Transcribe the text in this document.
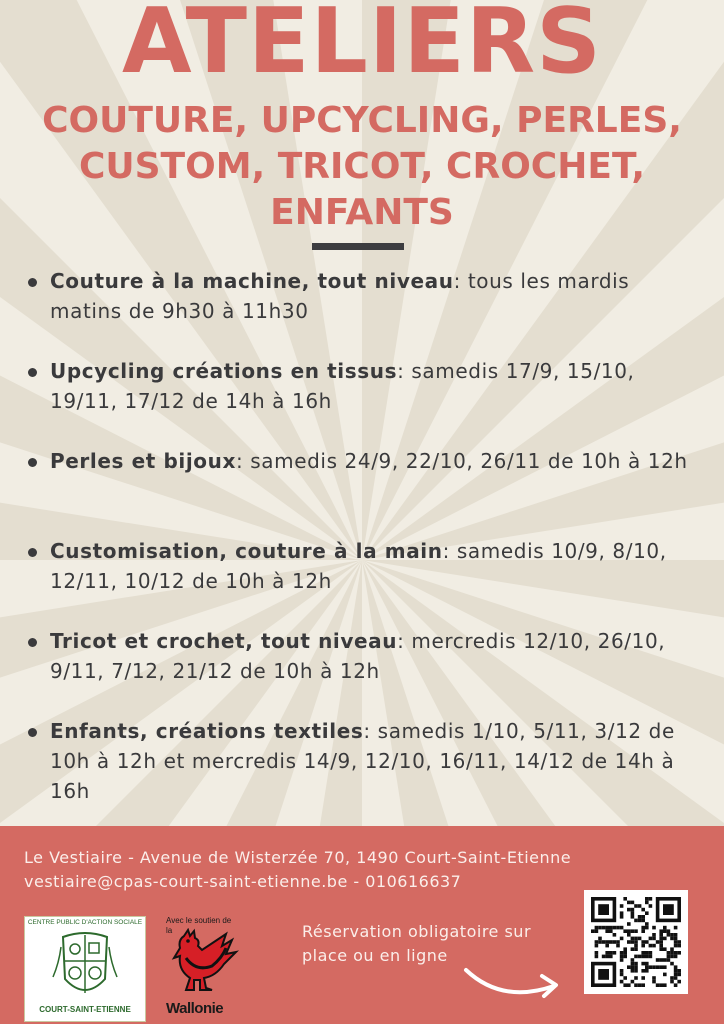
ATELIERS
COUTURE, UPCYCLING, PERLES,
CUSTOM, TRICOT, CROCHET,
ENFANTS
Couture à la machine, tout niveau: tous les mardis matins de 9h30 à 11h30
Upcycling créations en tissus: samedis 17/9, 15/10, 19/11, 17/12 de 14h à 16h
Perles et bijoux: samedis 24/9, 22/10, 26/11 de 10h à 12h
Customisation, couture à la main: samedis 10/9, 8/10, 12/11, 10/12 de 10h à 12h
Tricot et crochet, tout niveau: mercredis 12/10, 26/10, 9/11, 7/12, 21/12 de 10h à 12h
Enfants, créations textiles: samedis 1/10, 5/11, 3/12 de 10h à 12h et mercredis 14/9, 12/10, 16/11, 14/12 de 14h à 16h
Le Vestiaire - Avenue de Wisterzée 70, 1490 Court-Saint-Etienne
vestiaire@cpas-court-saint-etienne.be - 010616637
CENTRE PUBLIC D'ACTION SOCIALE
COURT-SAINT-ETIENNE
Avec le soutien de
la
Wallonie
Réservation obligatoire sur place ou en ligne
